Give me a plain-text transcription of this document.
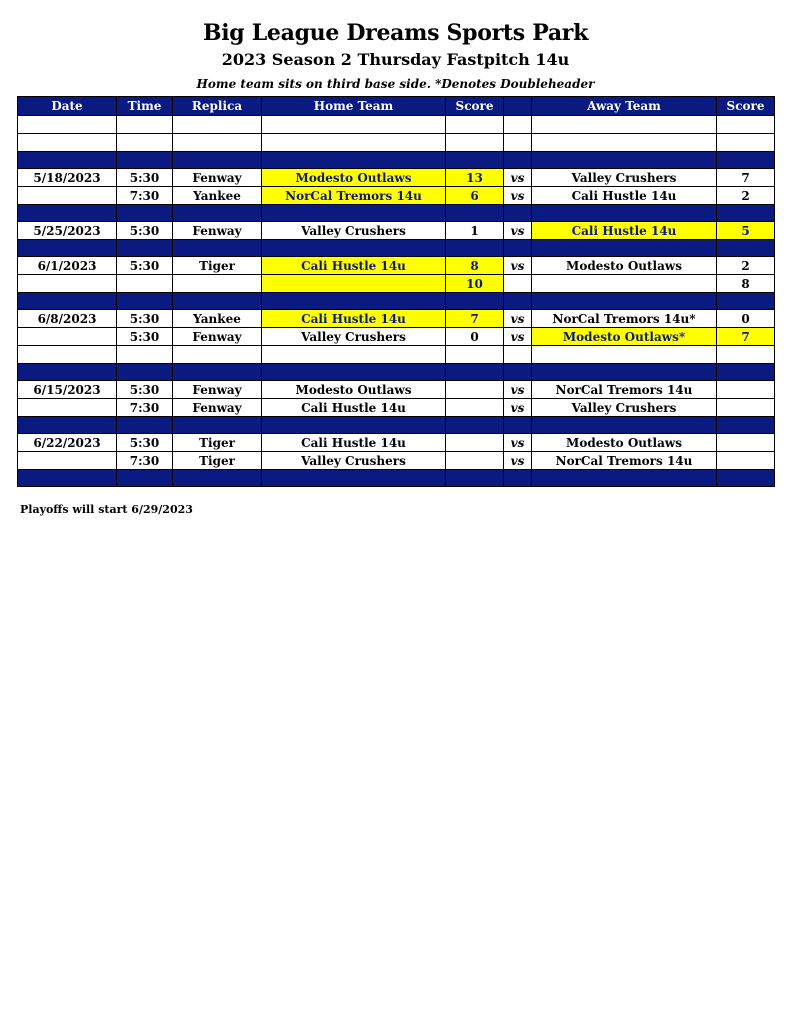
Big League Dreams Sports Park
2023 Season 2 Thursday Fastpitch 14u
Home team sits on third base side. *Denotes Doubleheader
Date	Time	Replica	Home Team	Score		Away Team	Score

5/18/2023	5:30	Fenway	Modesto Outlaws	13	vs	Valley Crushers	7
	7:30	Yankee	NorCal Tremors 14u	6	vs	Cali Hustle 14u	2

5/25/2023	5:30	Fenway	Valley Crushers	1	vs	Cali Hustle 14u	5

6/1/2023	5:30	Tiger	Cali Hustle 14u	8	vs	Modesto Outlaws	2
				10			8

6/8/2023	5:30	Yankee	Cali Hustle 14u	7	vs	NorCal Tremors 14u*	0
	5:30	Fenway	Valley Crushers	0	vs	Modesto Outlaws*	7

6/15/2023	5:30	Fenway	Modesto Outlaws		vs	NorCal Tremors 14u	
	7:30	Fenway	Cali Hustle 14u		vs	Valley Crushers	

6/22/2023	5:30	Tiger	Cali Hustle 14u		vs	Modesto Outlaws	
	7:30	Tiger	Valley Crushers		vs	NorCal Tremors 14u	

Playoffs will start 6/29/2023
